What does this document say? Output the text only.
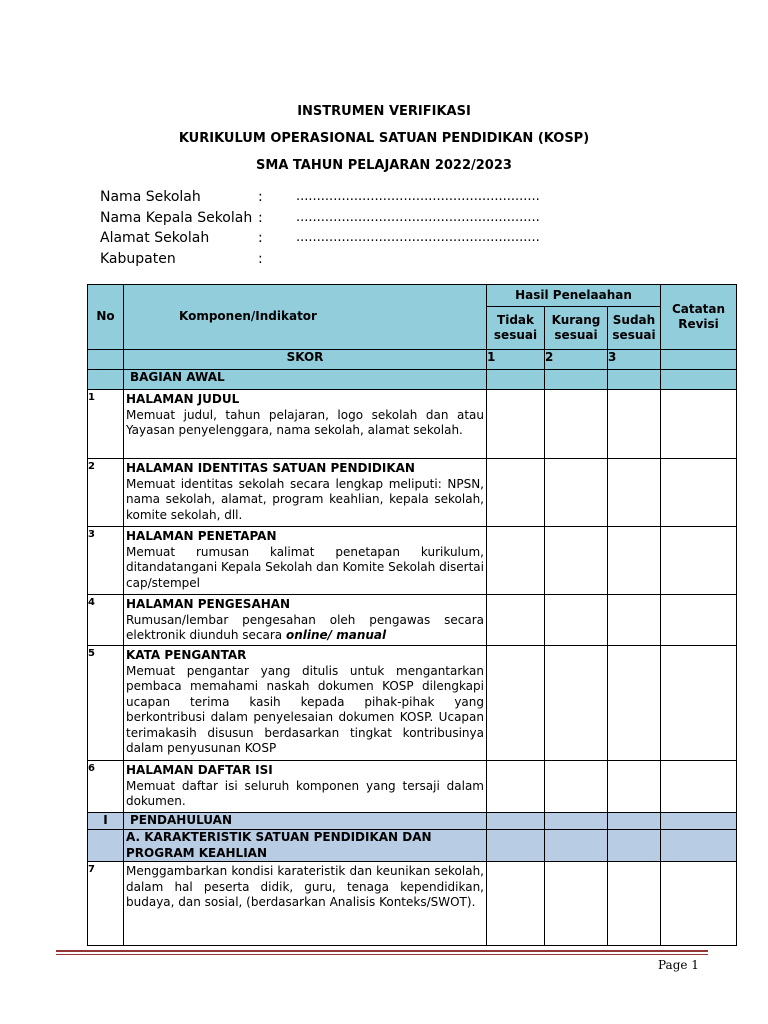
INSTRUMEN VERIFIKASI
KURIKULUM OPERASIONAL SATUAN PENDIDIKAN (KOSP)
SMA TAHUN PELAJARAN 2022/2023
Nama Sekolah	:	...........................................................
Nama Kepala Sekolah :	...........................................................
Alamat Sekolah	:	...........................................................
Kabupaten	:
No	Komponen/Indikator	Hasil Penelaahan			Catatan Revisi
		Tidak sesuai	Kurang sesuai	Sudah sesuai	
	SKOR	1	2	3	
	BAGIAN AWAL				
1	HALAMAN JUDUL
Memuat judul, tahun pelajaran, logo sekolah dan atau Yayasan penyelenggara, nama sekolah, alamat sekolah.				

2	HALAMAN IDENTITAS SATUAN PENDIDIKAN
Memuat identitas sekolah secara lengkap meliputi: NPSN, nama sekolah, alamat, program keahlian, kepala sekolah, komite sekolah, dll.				

3	HALAMAN PENETAPAN
Memuat rumusan kalimat penetapan kurikulum, ditandatangani Kepala Sekolah dan Komite Sekolah disertai cap/stempel				

4	HALAMAN PENGESAHAN
Rumusan/lembar pengesahan oleh pengawas secara elektronik diunduh secara online/ manual				

5	KATA PENGANTAR
Memuat pengantar yang ditulis untuk mengantarkan pembaca memahami naskah dokumen KOSP dilengkapi ucapan terima kasih kepada pihak-pihak yang berkontribusi dalam penyelesaian dokumen KOSP. Ucapan terimakasih disusun berdasarkan tingkat kontribusinya dalam penyusunan KOSP				

6	HALAMAN DAFTAR ISI
Memuat daftar isi seluruh komponen yang tersaji dalam dokumen.				

I	PENDAHULUAN				
	A. KARAKTERISTIK SATUAN PENDIDIKAN DAN PROGRAM KEAHLIAN				
7	Menggambarkan kondisi karateristik dan keunikan sekolah, dalam hal peserta didik, guru, tenaga kependidikan, budaya, dan sosial, (berdasarkan Analisis Konteks/SWOT).				

Page 1
